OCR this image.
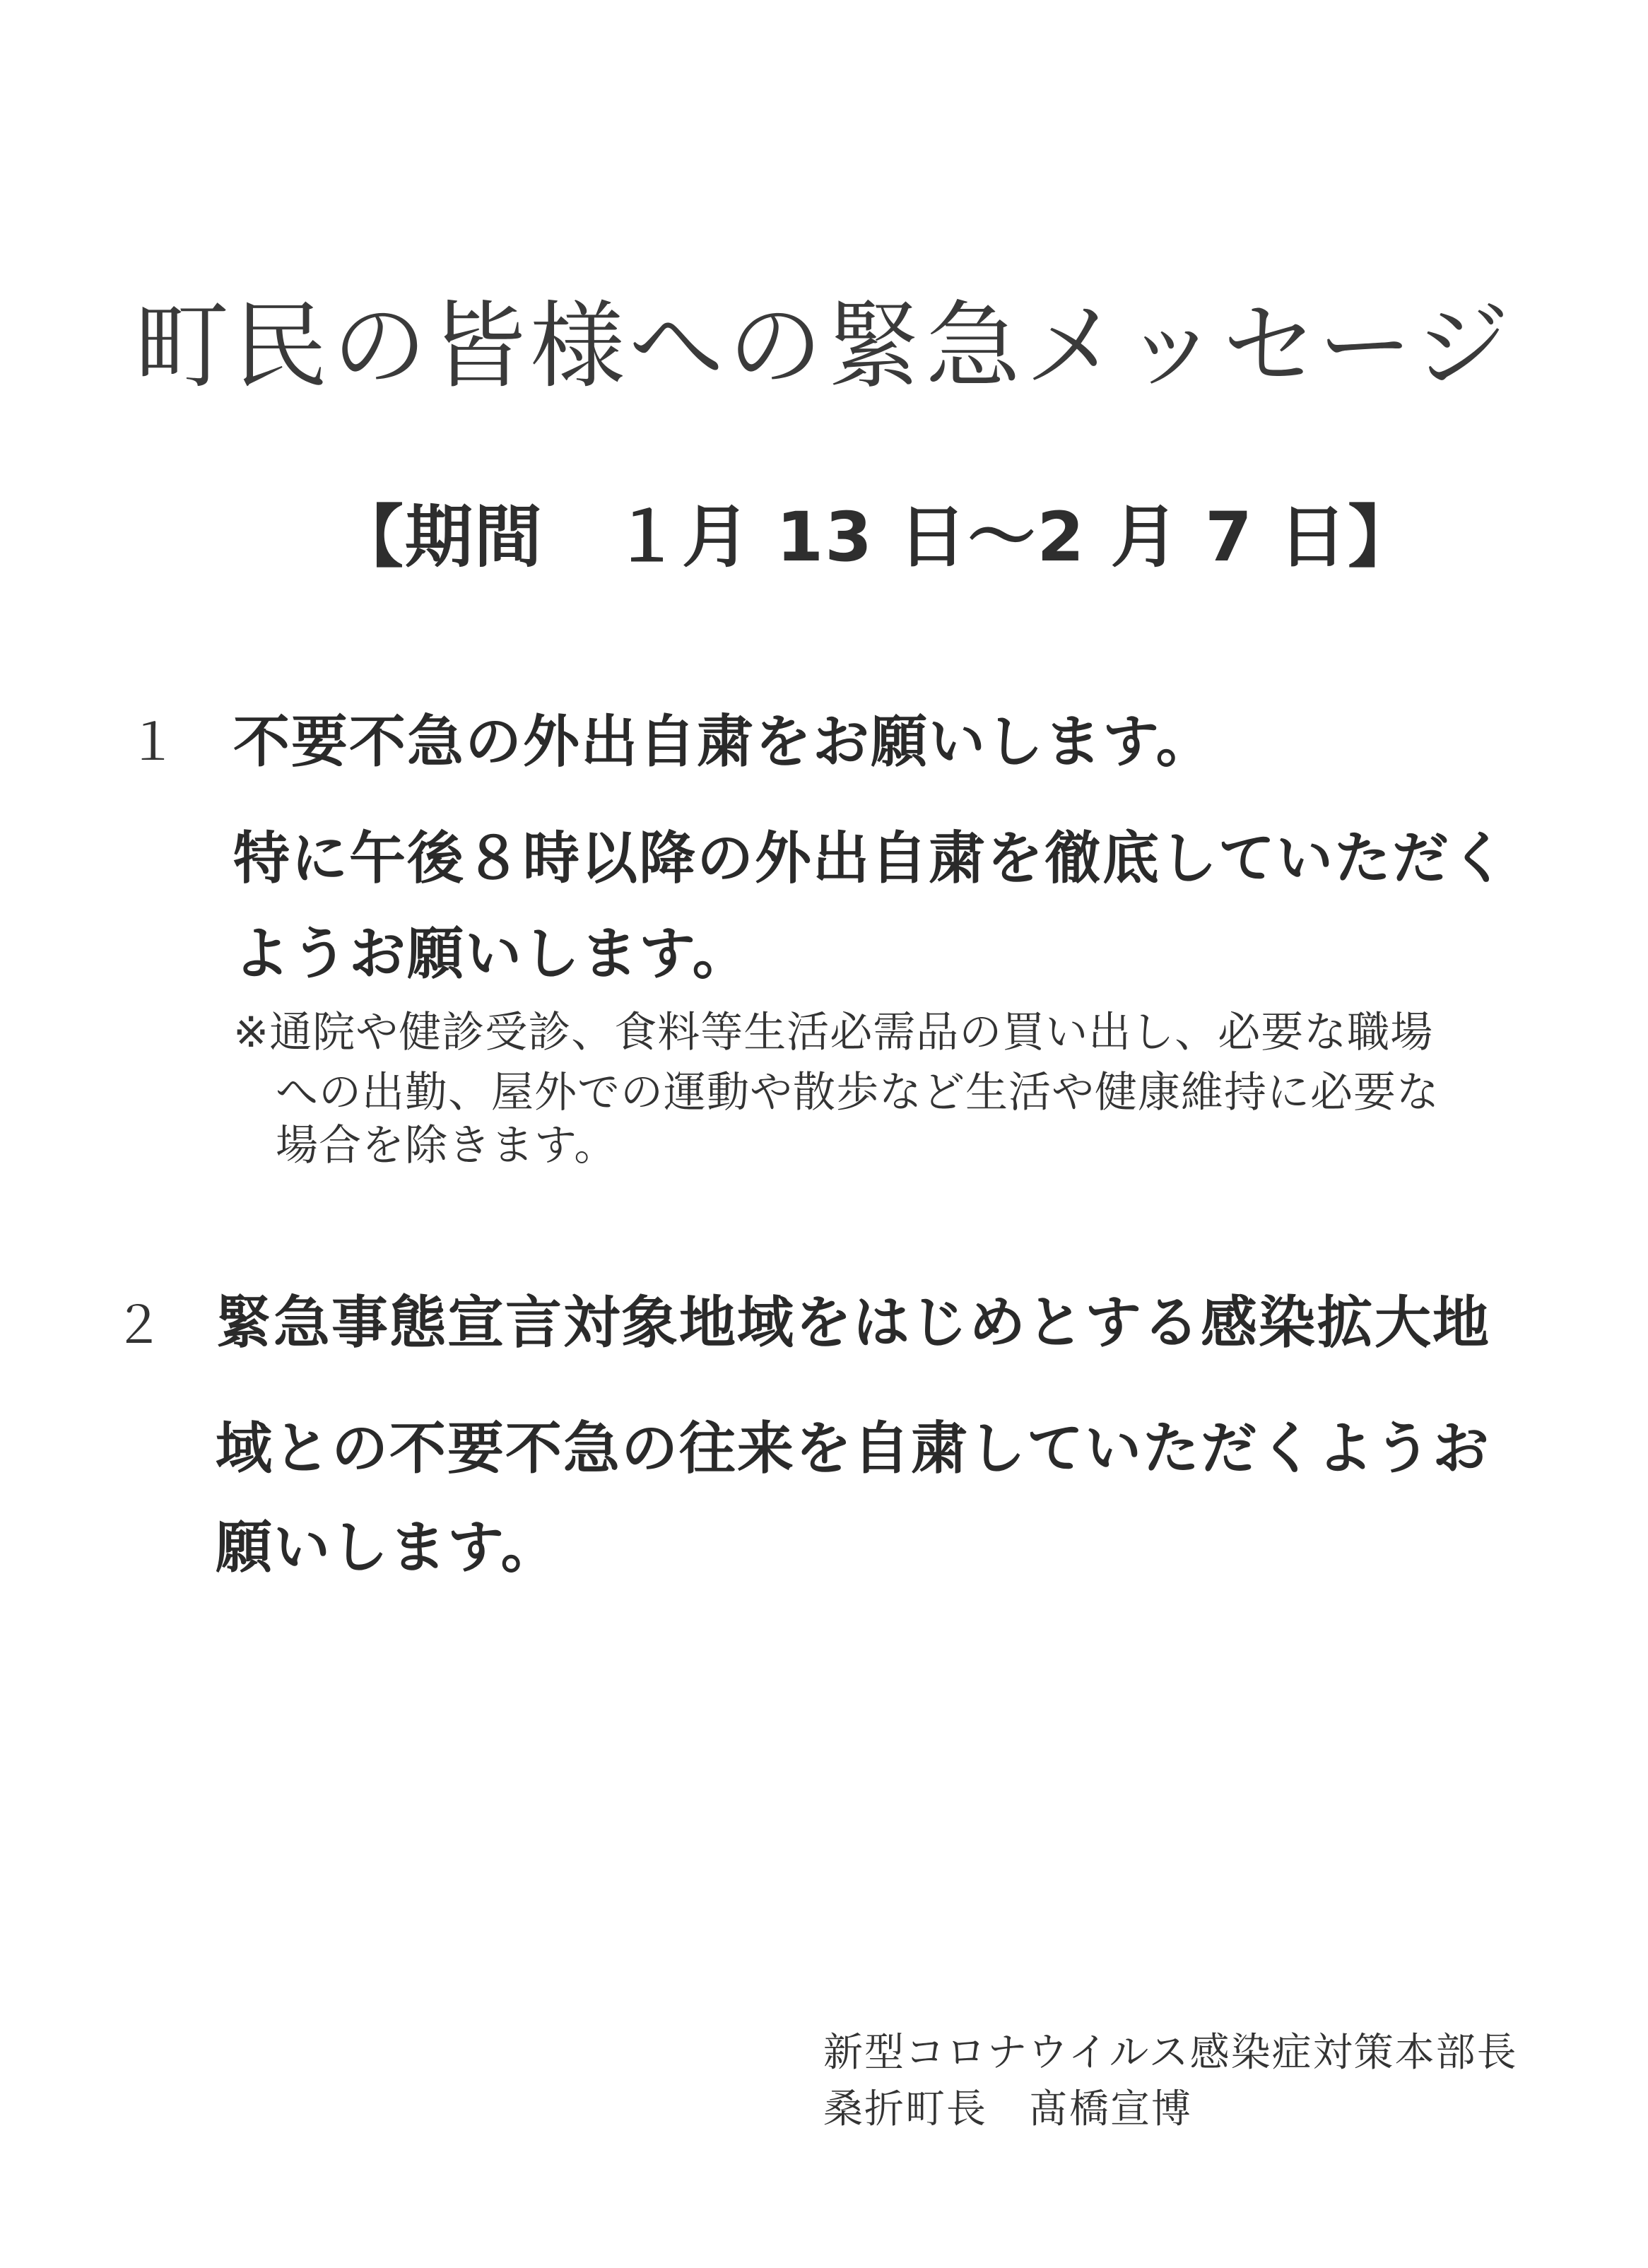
町民の皆様への緊急メッセージ
【期間　１月 13 日～2 月 7 日】
１ 不要不急の外出自粛をお願いします。
特に午後８時以降の外出自粛を徹底していただく
ようお願いします。
※通院や健診受診、食料等生活必需品の買い出し、必要な職場
への出勤、屋外での運動や散歩など生活や健康維持に必要な
場合を除きます。
２ 緊急事態宣言対象地域をはじめとする感染拡大地
域との不要不急の往来を自粛していただくようお
願いします。
新型コロナウイルス感染症対策本部長
桑折町長　髙橋宣博
